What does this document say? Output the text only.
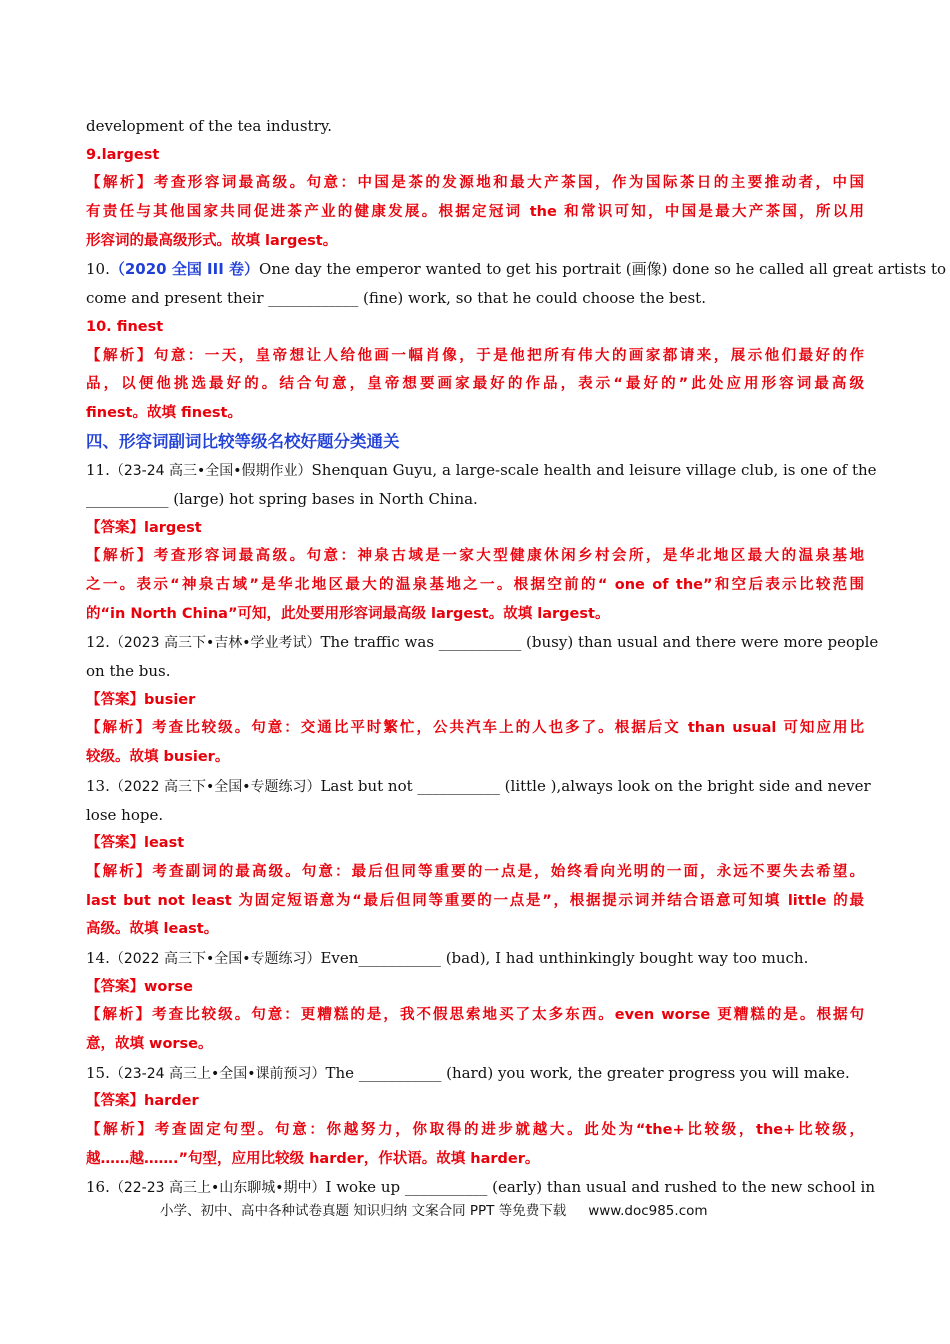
development of the tea industry.
9.largest
【解析】考查形容词最高级。句意：中国是茶的发源地和最大产茶国，作为国际茶日的主要推动者，中国
有责任与其他国家共同促进茶产业的健康发展。根据定冠词 the 和常识可知，中国是最大产茶国，所以用
形容词的最高级形式。故填 largest。
10.（2020 全国 III 卷）One day the emperor wanted to get his portrait (画像) done so he called all great artists to
come and present their ____________ (fine) work, so that he could choose the best.
10. finest
【解析】句意：一天，皇帝想让人给他画一幅肖像，于是他把所有伟大的画家都请来，展示他们最好的作
品，以便他挑选最好的。结合句意，皇帝想要画家最好的作品，表示“最好的”此处应用形容词最高级
finest。故填 finest。
四、形容词副词比较等级名校好题分类通关
11.（23-24 高三•全国•假期作业）Shenquan Guyu, a large-scale health and leisure village club, is one of the
___________ (large) hot spring bases in North China.
【答案】largest
【解析】考查形容词最高级。句意：神泉古域是一家大型健康休闲乡村会所，是华北地区最大的温泉基地
之一。表示“神泉古域”是华北地区最大的温泉基地之一。根据空前的“ one of the”和空后表示比较范围
的“in North China”可知，此处要用形容词最高级 largest。故填 largest。
12.（2023 高三下•吉林•学业考试）The traffic was ___________ (busy) than usual and there were more people
on the bus.
【答案】busier
【解析】考查比较级。句意：交通比平时繁忙，公共汽车上的人也多了。根据后文 than usual 可知应用比
较级。故填 busier。
13.（2022 高三下•全国•专题练习）Last but not ___________ (little ),always look on the bright side and never
lose hope.
【答案】least
【解析】考查副词的最高级。句意：最后但同等重要的一点是，始终看向光明的一面，永远不要失去希望。
last but not least 为固定短语意为“最后但同等重要的一点是”，根据提示词并结合语意可知填 little 的最
高级。故填 least。
14.（2022 高三下•全国•专题练习）Even___________ (bad), I had unthinkingly bought way too much.
【答案】worse
【解析】考查比较级。句意：更糟糕的是，我不假思索地买了太多东西。even worse 更糟糕的是。根据句
意，故填 worse。
15.（23-24 高三上•全国•课前预习）The ___________ (hard) you work, the greater progress you will make.
【答案】harder
【解析】考查固定句型。句意：你越努力，你取得的进步就越大。此处为“the+比较级，the+比较级，
越……越…….”句型，应用比较级 harder，作状语。故填 harder。
16.（22-23 高三上•山东聊城•期中）I woke up ___________ (early) than usual and rushed to the new school in
小学、初中、高中各种试卷真题 知识归纳 文案合同 PPT 等免费下载 www.doc985.com
